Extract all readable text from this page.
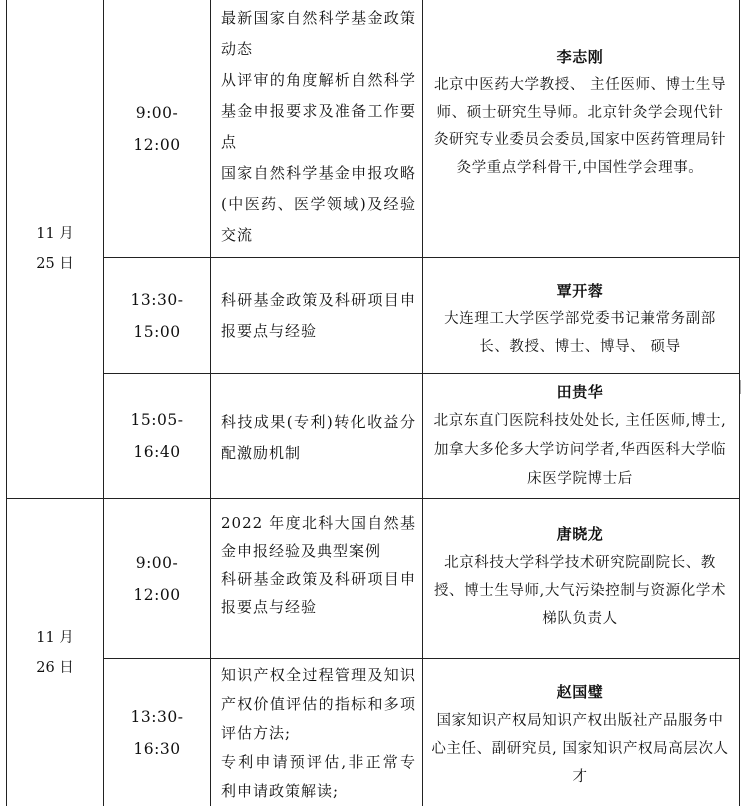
11 月
25 日
9:00-12:00
最新国家自然科学基金政策动态
从评审的角度解析自然科学基金申报要求及准备工作要点
国家自然科学基金申报攻略(中医药、医学领域)及经验交流
李志刚
北京中医药大学教授、 主任医师、博士生导师、硕士研究生导师。北京针灸学会现代针灸研究专业委员会委员,国家中医药管理局针灸学重点学科骨干,中国性学会理事。
13:30-15:00
科研基金政策及科研项目申报要点与经验
覃开蓉
大连理工大学医学部党委书记兼常务副部长、教授、博士、博导、 硕导
15:05-16:40
科技成果(专利)转化收益分配激励机制
田贵华
北京东直门医院科技处处长, 主任医师,博士,加拿大多伦多大学访问学者,华西医科大学临床医学院博士后
11 月
26 日
9:00-12:00
2022 年度北科大国自然基金申报经验及典型案例
科研基金政策及科研项目申报要点与经验
唐晓龙
北京科技大学科学技术研究院副院长、教授、博士生导师,大气污染控制与资源化学术梯队负责人
13:30-16:30
知识产权全过程管理及知识产权价值评估的指标和多项评估方法;
专利申请预评估,非正常专利申请政策解读;
赵国璧
国家知识产权局知识产权出版社产品服务中心主任、副研究员, 国家知识产权局高层次人才
